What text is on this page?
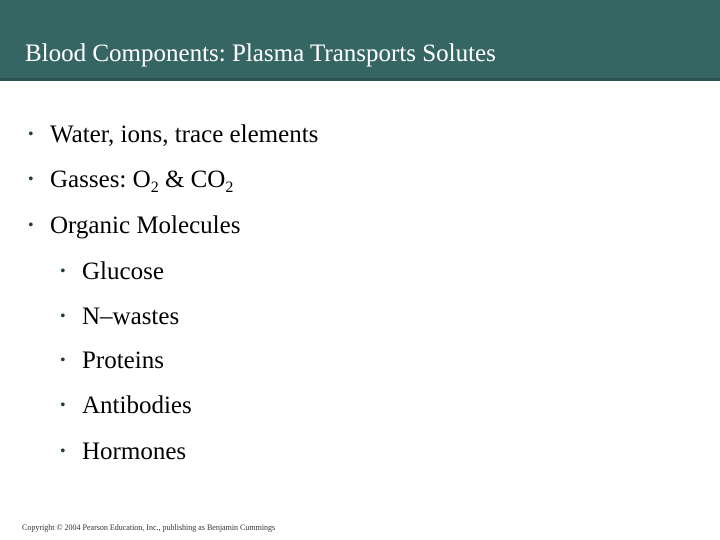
Blood Components: Plasma Transports Solutes
• Water, ions, trace elements
• Gasses: $O_2$ & $CO_2$
• Organic Molecules
• Glucose
• N–wastes
• Proteins
• Antibodies
• Hormones
Copyright © 2004 Pearson Education, Inc., publishing as Benjamin Cummings
